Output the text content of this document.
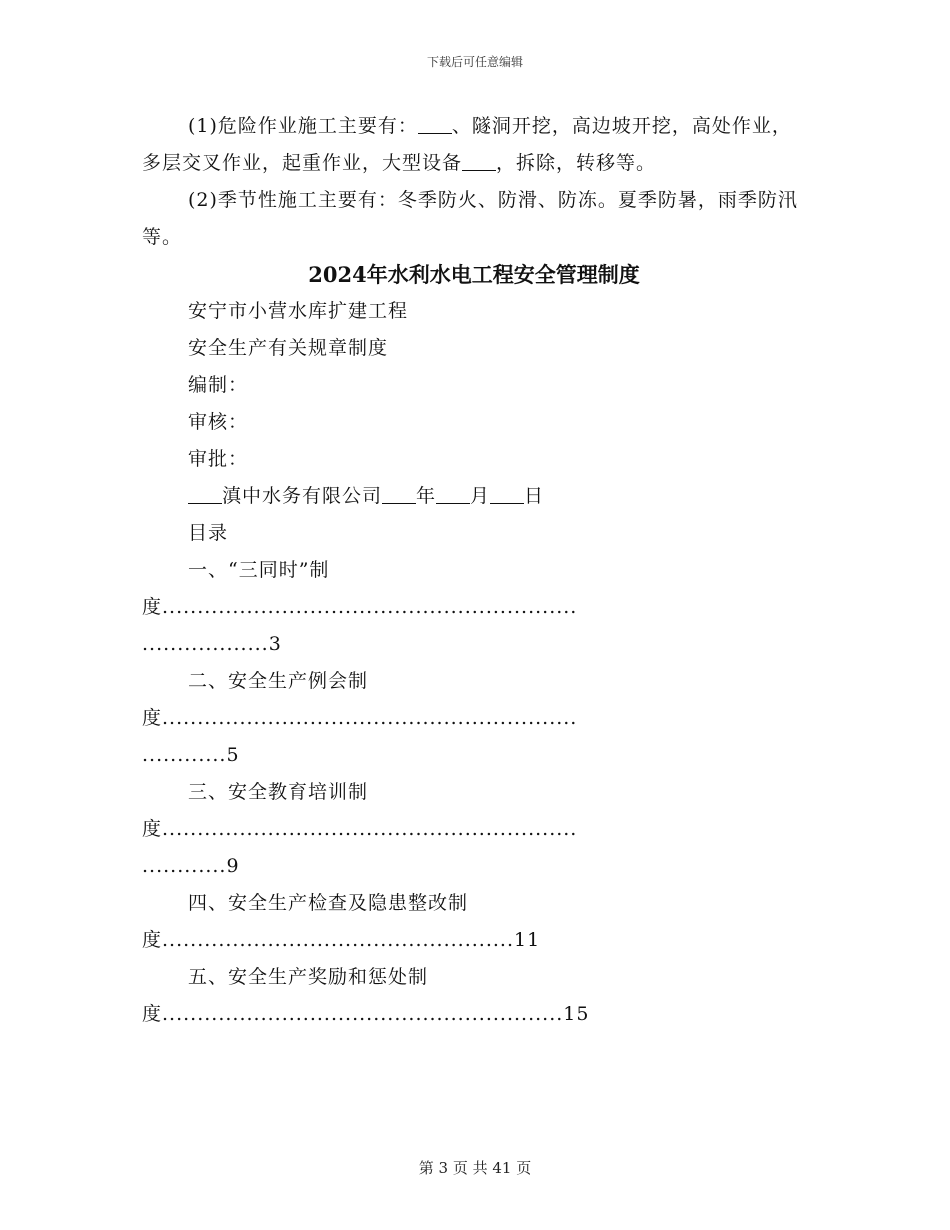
下载后可任意编辑

(1)危险作业施工主要有： 、隧洞开挖，高边坡开挖，高处作业，多层交叉作业，起重作业，大型设备 ，拆除，转移等。

(2)季节性施工主要有：冬季防火、防滑、防冻。夏季防暑，雨季防汛等。

2024年水利水电工程安全管理制度

安宁市小营水库扩建工程
安全生产有关规章制度
编制：
审核：
审批：
滇中水务有限公司 年 月 日
目录
一、“三同时”制
度...........................................................
..................3
二、安全生产例会制
度...........................................................
............5
三、安全教育培训制
度...........................................................
............9
四、安全生产检查及隐患整改制
度..................................................11
五、安全生产奖励和惩处制
度.........................................................15
第 3 页 共 41 页
